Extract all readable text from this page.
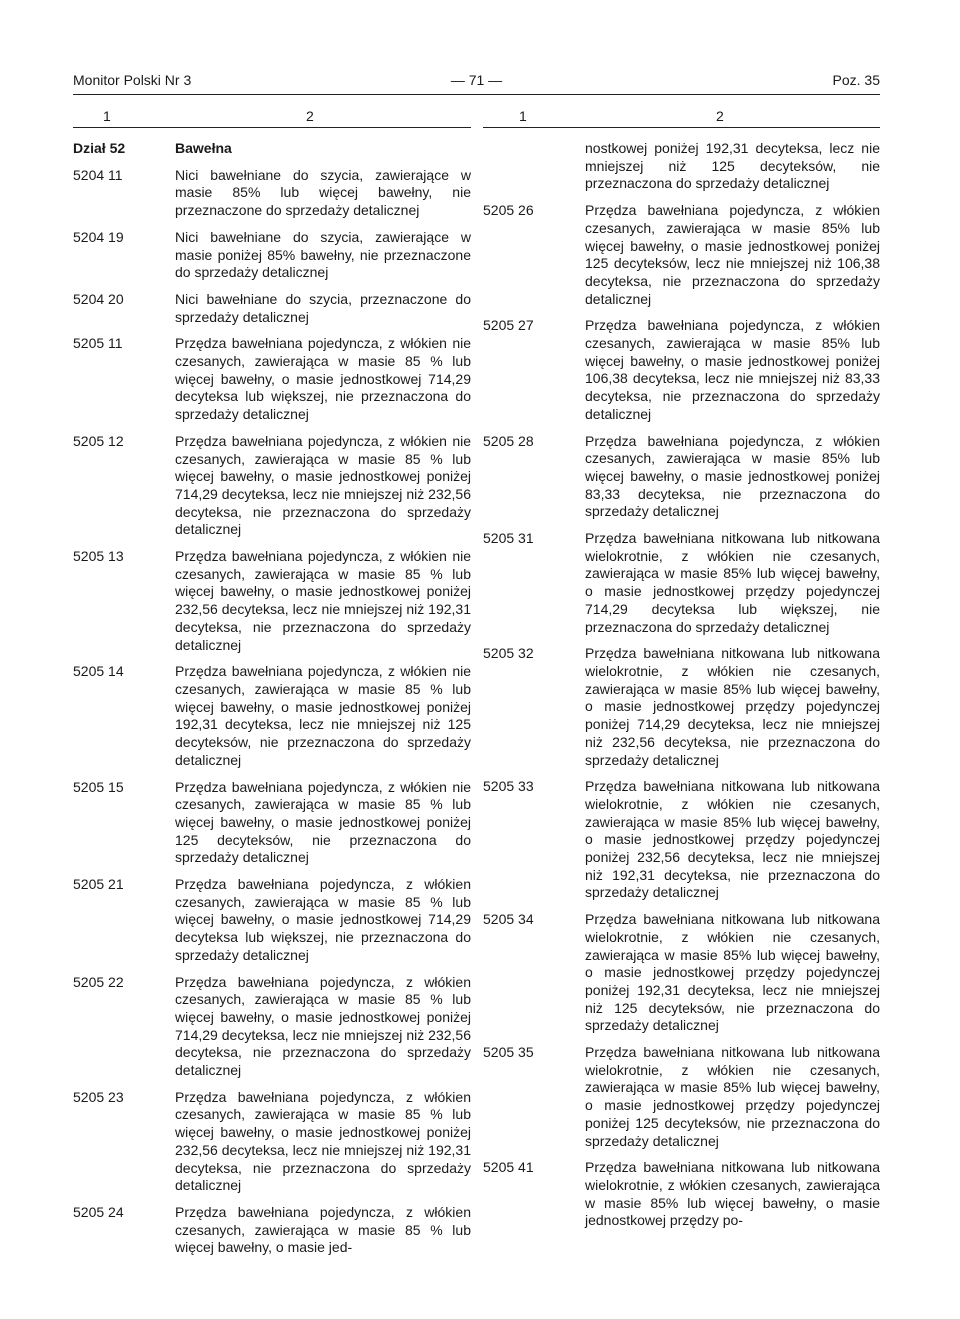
Monitor Polski Nr 3	— 71 —	Poz. 35
1	2
Dział 52	Bawełna
5204 11	Nici bawełniane do szycia, zawierające w masie 85% lub więcej bawełny, nie przeznaczone do sprzedaży detalicznej
5204 19	Nici bawełniane do szycia, zawierające w masie poniżej 85% bawełny, nie przeznaczone do sprzedaży detalicznej
5204 20	Nici bawełniane do szycia, przeznaczone do sprzedaży detalicznej
5205 11	Przędza bawełniana pojedyncza, z włókien nie czesanych, zawierająca w masie 85 % lub więcej bawełny, o masie jednostkowej 714,29 decyteksa lub większej, nie przeznaczona do sprzedaży detalicznej
5205 12	Przędza bawełniana pojedyncza, z włókien nie czesanych, zawierająca w masie 85 % lub więcej bawełny, o masie jednostkowej poniżej 714,29 decyteksa, lecz nie mniejszej niż 232,56 decyteksa, nie przeznaczona do sprzedaży detalicznej
5205 13	Przędza bawełniana pojedyncza, z włókien nie czesanych, zawierająca w masie 85 % lub więcej bawełny, o masie jednostkowej poniżej 232,56 decyteksa, lecz nie mniejszej niż 192,31 decyteksa, nie przeznaczona do sprzedaży detalicznej
5205 14	Przędza bawełniana pojedyncza, z włókien nie czesanych, zawierająca w masie 85 % lub więcej bawełny, o masie jednostkowej poniżej 192,31 decyteksa, lecz nie mniejszej niż 125 decyteksów, nie przeznaczona do sprzedaży detalicznej
5205 15	Przędza bawełniana pojedyncza, z włókien nie czesanych, zawierająca w masie 85 % lub więcej bawełny, o masie jednostkowej poniżej 125 decyteksów, nie przeznaczona do sprzedaży detalicznej
5205 21	Przędza bawełniana pojedyncza, z włókien czesanych, zawierająca w masie 85 % lub więcej bawełny, o masie jednostkowej 714,29 decyteksa lub większej, nie przeznaczona do sprzedaży detalicznej
5205 22	Przędza bawełniana pojedyncza, z włókien czesanych, zawierająca w masie 85 % lub więcej bawełny, o masie jednostkowej poniżej 714,29 decyteksa, lecz nie mniejszej niż 232,56 decyteksa, nie przeznaczona do sprzedaży detalicznej
5205 23	Przędza bawełniana pojedyncza, z włókien czesanych, zawierająca w masie 85 % lub więcej bawełny, o masie jednostkowej poniżej 232,56 decyteksa, lecz nie mniejszej niż 192,31 decyteksa, nie przeznaczona do sprzedaży detalicznej
5205 24	Przędza bawełniana pojedyncza, z włókien czesanych, zawierająca w masie 85 % lub więcej bawełny, o masie jed-
1	2
nostkowej poniżej 192,31 decyteksa, lecz nie mniejszej niż 125 decyteksów, nie przeznaczona do sprzedaży detalicznej
5205 26	Przędza bawełniana pojedyncza, z włókien czesanych, zawierająca w masie 85% lub więcej bawełny, o masie jednostkowej poniżej 125 decyteksów, lecz nie mniejszej niż 106,38 decyteksa, nie przeznaczona do sprzedaży detalicznej
5205 27	Przędza bawełniana pojedyncza, z włókien czesanych, zawierająca w masie 85% lub więcej bawełny, o masie jednostkowej poniżej 106,38 decyteksa, lecz nie mniejszej niż 83,33 decyteksa, nie przeznaczona do sprzedaży detalicznej
5205 28	Przędza bawełniana pojedyncza, z włókien czesanych, zawierająca w masie 85% lub więcej bawełny, o masie jednostkowej poniżej 83,33 decyteksa, nie przeznaczona do sprzedaży detalicznej
5205 31	Przędza bawełniana nitkowana lub nitkowana wielokrotnie, z włókien nie czesanych, zawierająca w masie 85% lub więcej bawełny, o masie jednostkowej przędzy pojedynczej 714,29 decyteksa lub większej, nie przeznaczona do sprzedaży detalicznej
5205 32	Przędza bawełniana nitkowana lub nitkowana wielokrotnie, z włókien nie czesanych, zawierająca w masie 85% lub więcej bawełny, o masie jednostkowej przędzy pojedynczej poniżej 714,29 decyteksa, lecz nie mniejszej niż 232,56 decyteksa, nie przeznaczona do sprzedaży detalicznej
5205 33	Przędza bawełniana nitkowana lub nitkowana wielokrotnie, z włókien nie czesanych, zawierająca w masie 85% lub więcej bawełny, o masie jednostkowej przędzy pojedynczej poniżej 232,56 decyteksa, lecz nie mniejszej niż 192,31 decyteksa, nie przeznaczona do sprzedaży detalicznej
5205 34	Przędza bawełniana nitkowana lub nitkowana wielokrotnie, z włókien nie czesanych, zawierająca w masie 85% lub więcej bawełny, o masie jednostkowej przędzy pojedynczej poniżej 192,31 decyteksa, lecz nie mniejszej niż 125 decyteksów, nie przeznaczona do sprzedaży detalicznej
5205 35	Przędza bawełniana nitkowana lub nitkowana wielokrotnie, z włókien nie czesanych, zawierająca w masie 85% lub więcej bawełny, o masie jednostkowej przędzy pojedynczej poniżej 125 decyteksów, nie przeznaczona do sprzedaży detalicznej
5205 41	Przędza bawełniana nitkowana lub nitkowana wielokrotnie, z włókien czesanych, zawierająca w masie 85% lub więcej bawełny, o masie jednostkowej przędzy po-
